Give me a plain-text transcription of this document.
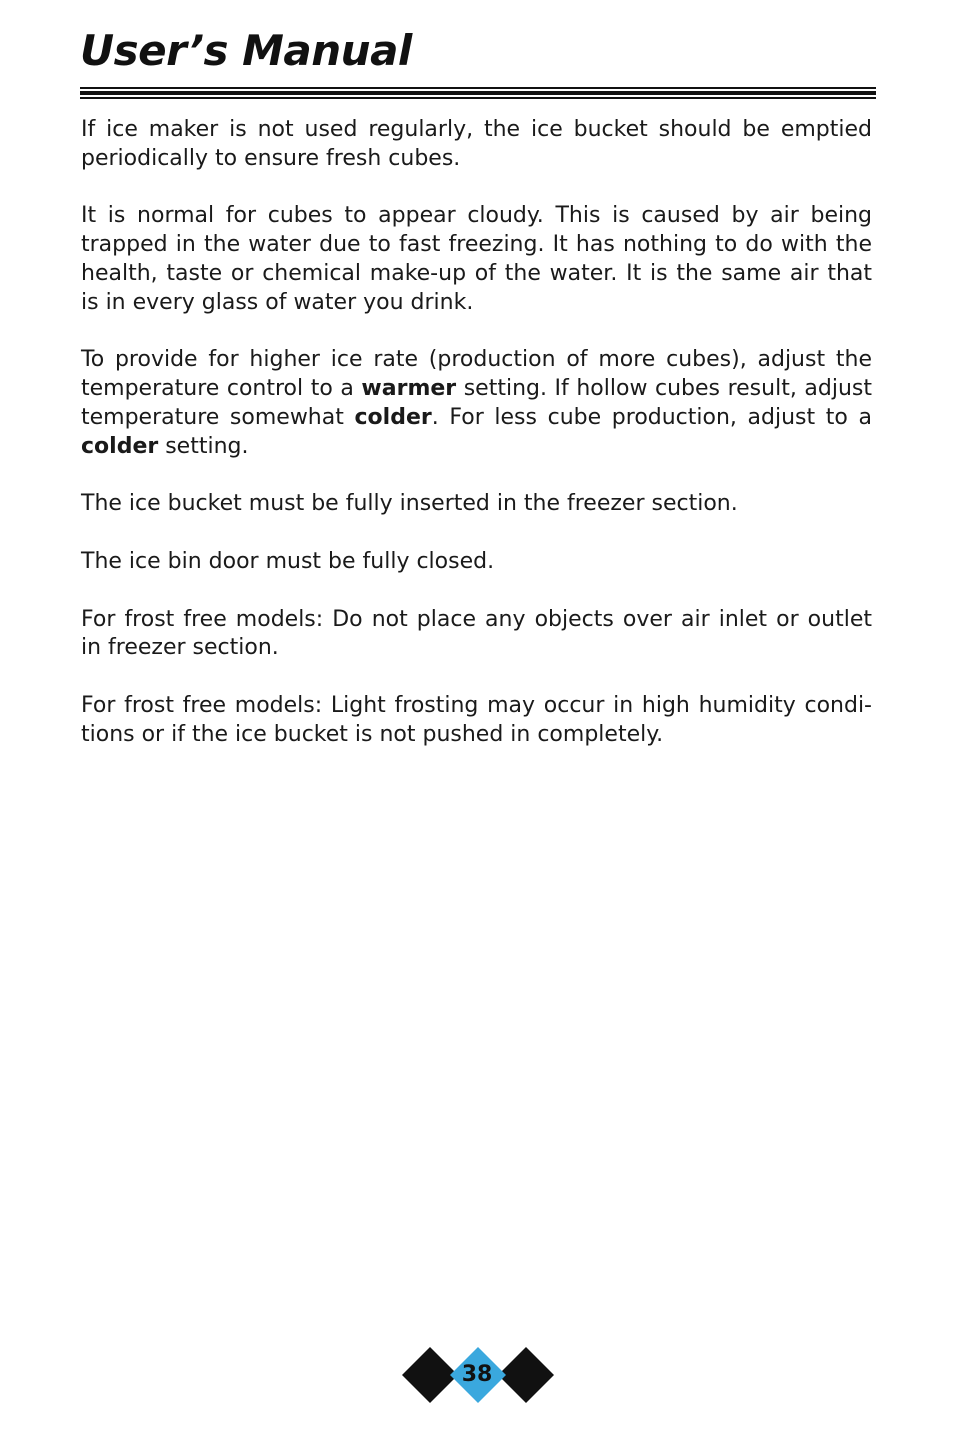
User’s Manual

If ice maker is not used regularly, the ice bucket should be emptied periodically to ensure fresh cubes.

It is normal for cubes to appear cloudy. This is caused by air being trapped in the water due to fast freezing. It has nothing to do with the health, taste or chemical make-up of the water. It is the same air that is in every glass of water you drink.

To provide for higher ice rate (production of more cubes), adjust the temperature control to a warmer setting. If hollow cubes result, adjust temperature somewhat colder. For less cube production, adjust to a colder setting.

The ice bucket must be fully inserted in the freezer section.

The ice bin door must be fully closed.

For frost free models: Do not place any objects over air inlet or outlet in freezer section.

For frost free models: Light frosting may occur in high humidity condi-tions or if the ice bucket is not pushed in completely.

38
